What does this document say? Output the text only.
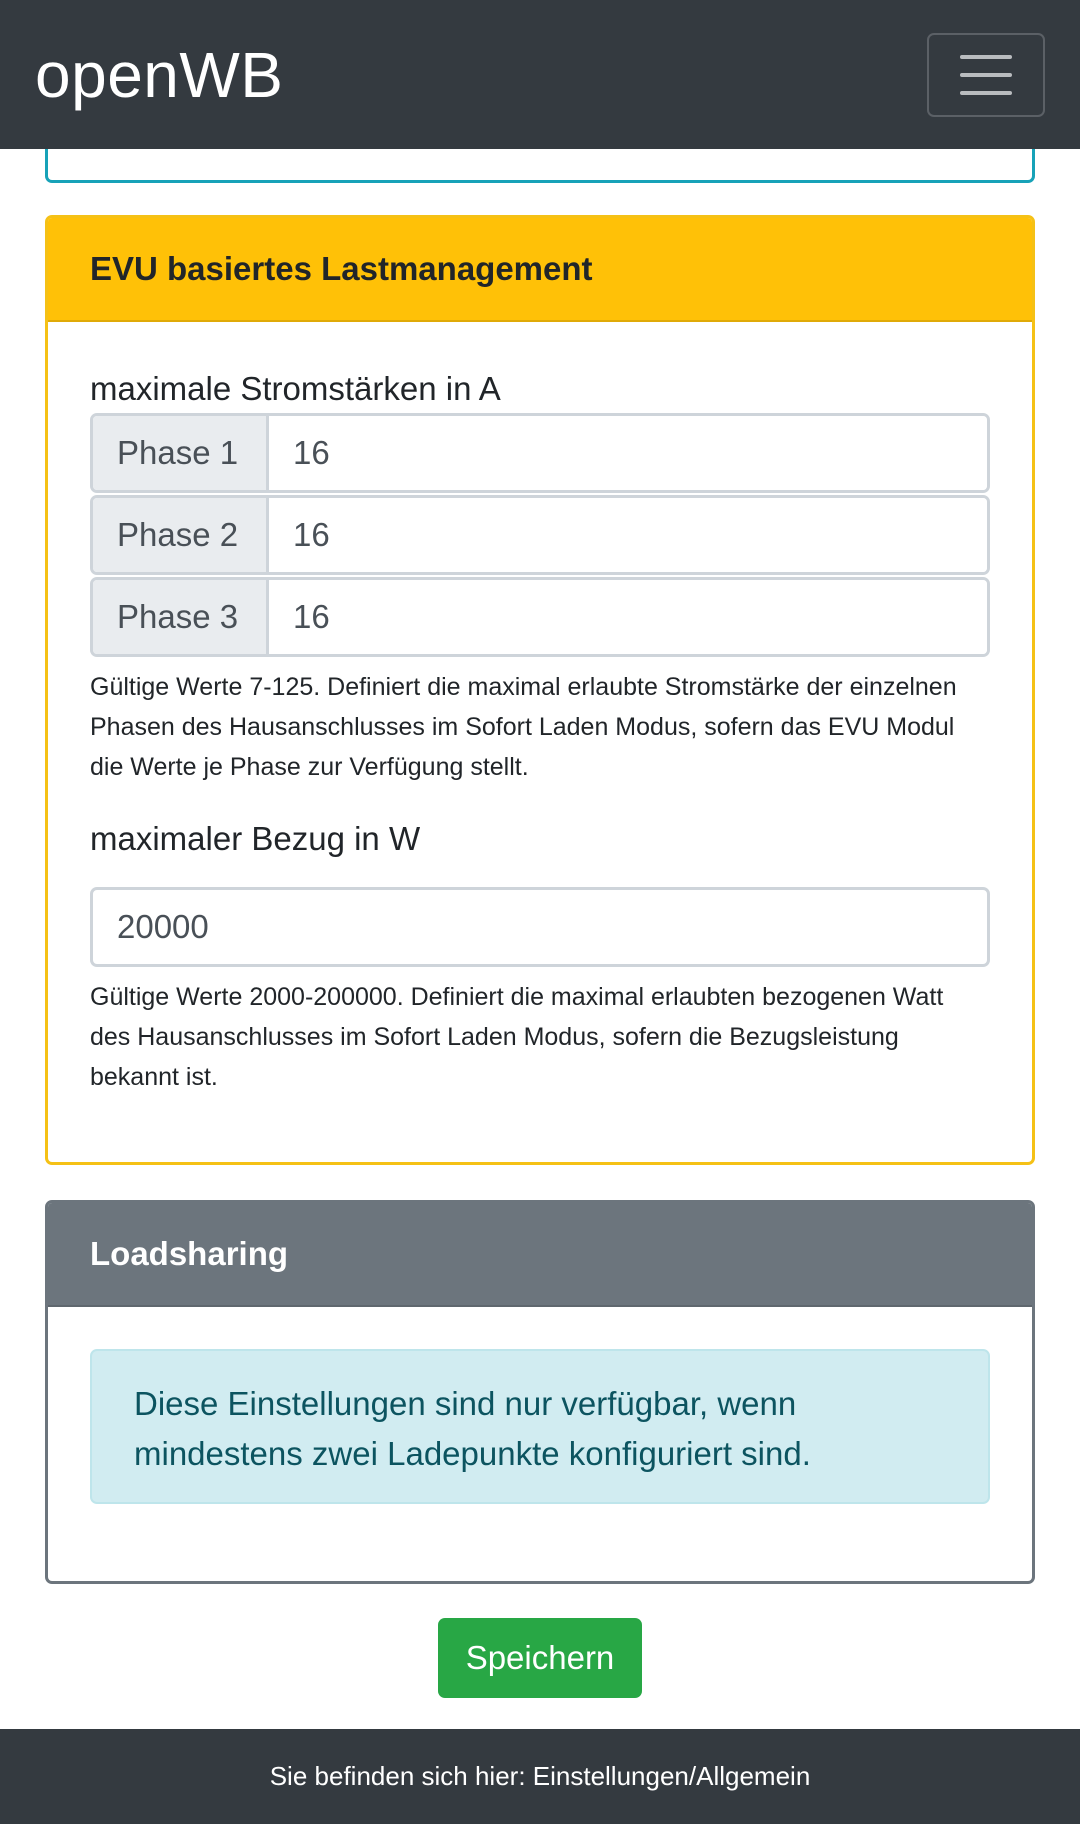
openWB
EVU basiertes Lastmanagement
maximale Stromstärken in A
Phase 1	16
Phase 2	16
Phase 3	16
Gültige Werte 7-125. Definiert die maximal erlaubte Stromstärke der einzelnen Phasen des Hausanschlusses im Sofort Laden Modus, sofern das EVU Modul die Werte je Phase zur Verfügung stellt.
maximaler Bezug in W
20000
Gültige Werte 2000-200000. Definiert die maximal erlaubten bezogenen Watt des Hausanschlusses im Sofort Laden Modus, sofern die Bezugsleistung bekannt ist.
Loadsharing
Diese Einstellungen sind nur verfügbar, wenn mindestens zwei Ladepunkte konfiguriert sind.
Speichern
Sie befinden sich hier: Einstellungen/Allgemein
